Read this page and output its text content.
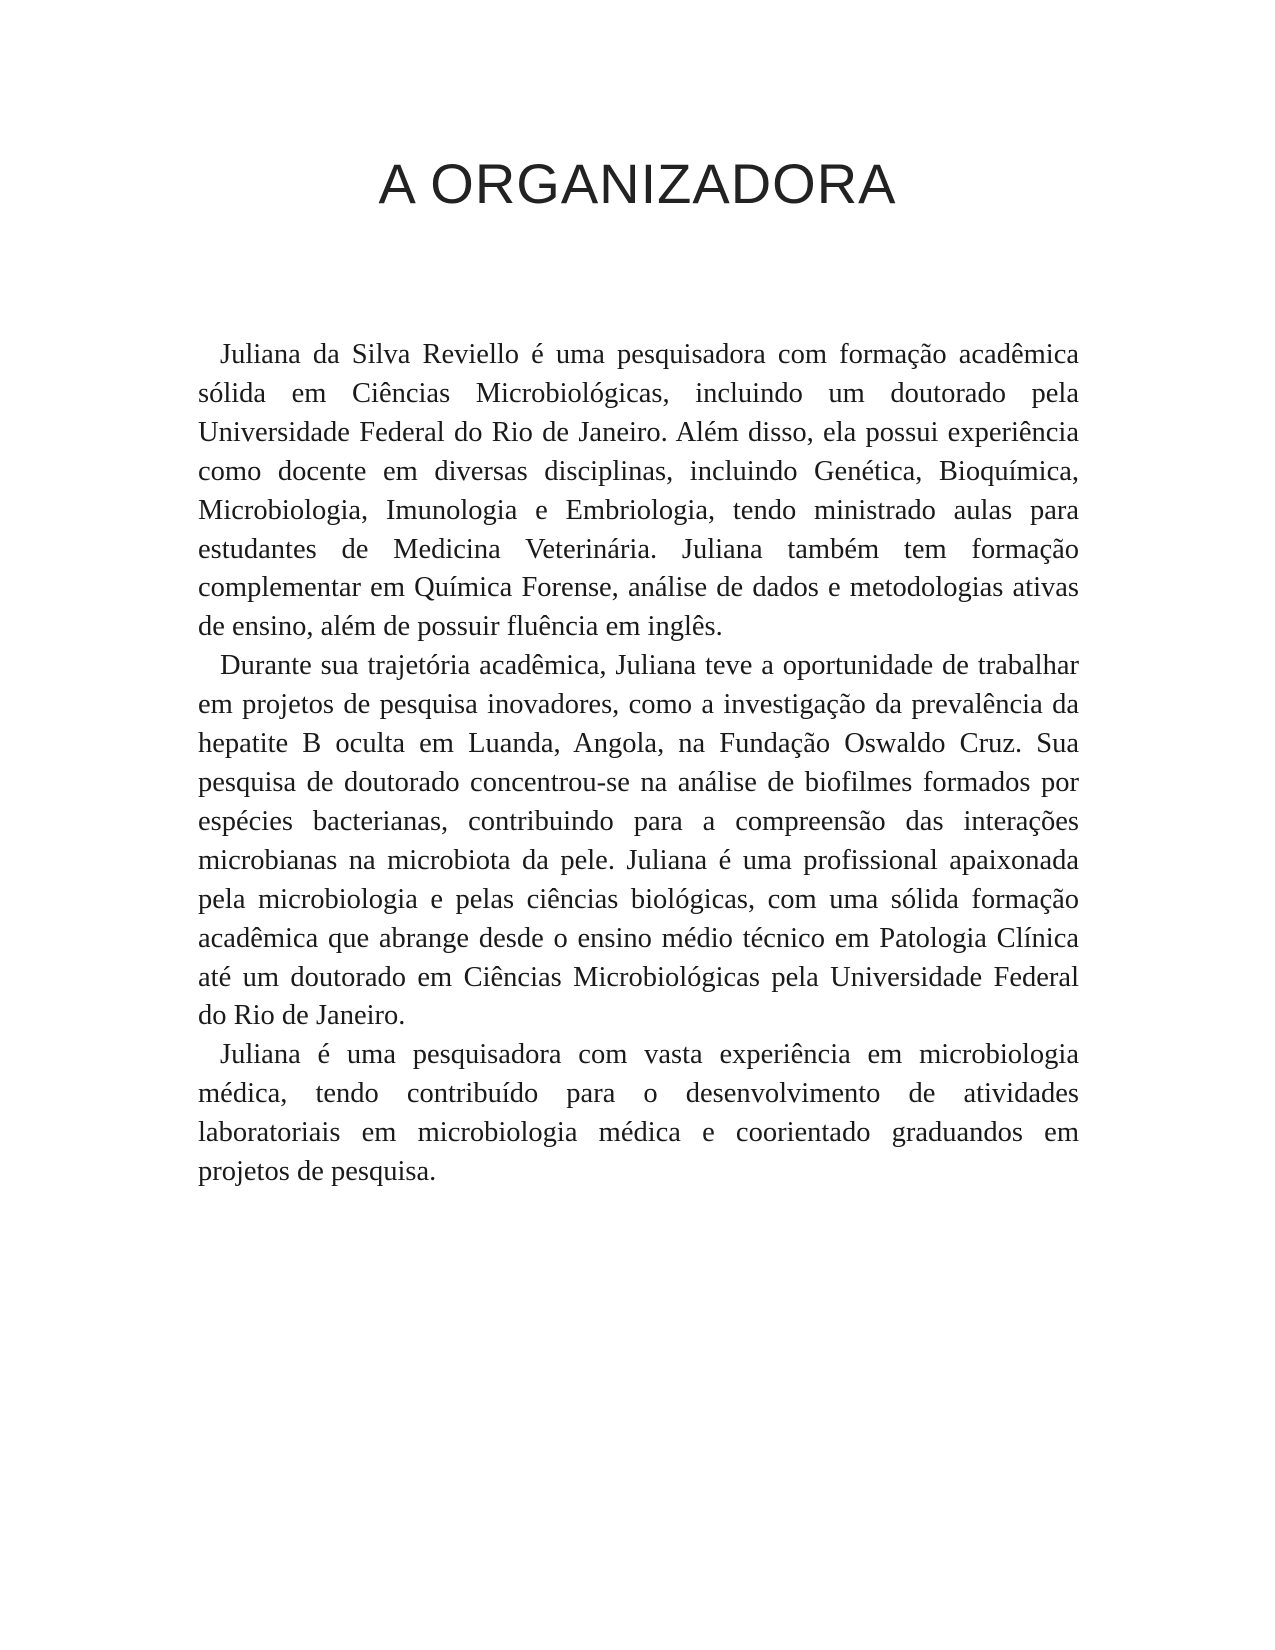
A ORGANIZADORA

Juliana da Silva Reviello é uma pesquisadora com formação acadêmica sólida em Ciências Microbiológicas, incluindo um doutorado pela Universidade Federal do Rio de Janeiro. Além disso, ela possui experiência como docente em diversas disciplinas, incluindo Genética, Bioquímica, Microbiologia, Imunologia e Embriologia, tendo ministrado aulas para estudantes de Medicina Veterinária. Juliana também tem formação complementar em Química Forense, análise de dados e metodologias ativas de ensino, além de possuir fluência em inglês.

Durante sua trajetória acadêmica, Juliana teve a oportunidade de trabalhar em projetos de pesquisa inovadores, como a investigação da prevalência da hepatite B oculta em Luanda, Angola, na Fundação Oswaldo Cruz. Sua pesquisa de doutorado concentrou-se na análise de biofilmes formados por espécies bacterianas, contribuindo para a compreensão das interações microbianas na microbiota da pele. Juliana é uma profissional apaixonada pela microbiologia e pelas ciências biológicas, com uma sólida formação acadêmica que abrange desde o ensino médio técnico em Patologia Clínica até um doutorado em Ciências Microbiológicas pela Universidade Federal do Rio de Janeiro.

Juliana é uma pesquisadora com vasta experiência em microbiologia médica, tendo contribuído para o desenvolvimento de atividades laboratoriais em microbiologia médica e coorientado graduandos em projetos de pesquisa.
